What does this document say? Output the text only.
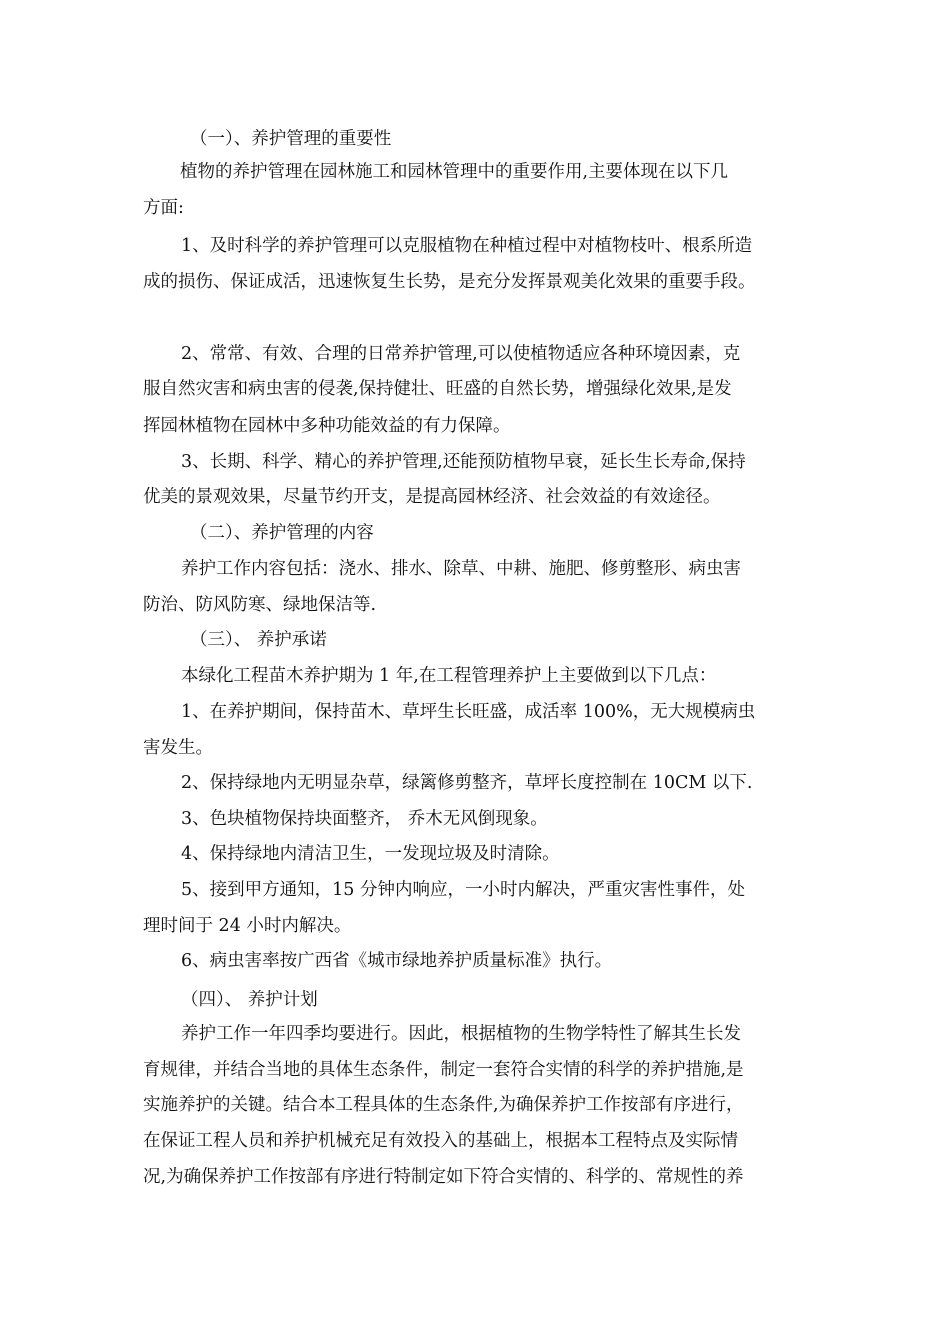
（一）、养护管理的重要性
植物的养护管理在园林施工和园林管理中的重要作用,主要体现在以下几
方面:
1、及时科学的养护管理可以克服植物在种植过程中对植物枝叶、根系所造
成的损伤、保证成活，迅速恢复生长势，是充分发挥景观美化效果的重要手段。
2、常常、有效、合理的日常养护管理,可以使植物适应各种环境因素，克
服自然灾害和病虫害的侵袭,保持健壮、旺盛的自然长势，增强绿化效果,是发
挥园林植物在园林中多种功能效益的有力保障。
3、长期、科学、精心的养护管理,还能预防植物早衰，延长生长寿命,保持
优美的景观效果，尽量节约开支，是提高园林经济、社会效益的有效途径。
（二）、养护管理的内容
养护工作内容包括：浇水、排水、除草、中耕、施肥、修剪整形、病虫害
防治、防风防寒、绿地保洁等.
（三）、 养护承诺
本绿化工程苗木养护期为 1 年,在工程管理养护上主要做到以下几点：
1、在养护期间，保持苗木、草坪生长旺盛，成活率 100%，无大规模病虫
害发生。
2、保持绿地内无明显杂草，绿篱修剪整齐，草坪长度控制在 10CM 以下.
3、色块植物保持块面整齐， 乔木无风倒现象。
4、保持绿地内清洁卫生，一发现垃圾及时清除。
5、接到甲方通知，15 分钟内响应，一小时内解决，严重灾害性事件，处
理时间于 24 小时内解决。
6、病虫害率按广西省《城市绿地养护质量标准》执行。
（四）、 养护计划
养护工作一年四季均要进行。因此，根据植物的生物学特性了解其生长发
育规律，并结合当地的具体生态条件，制定一套符合实情的科学的养护措施,是
实施养护的关键。结合本工程具体的生态条件,为确保养护工作按部有序进行，
在保证工程人员和养护机械充足有效投入的基础上，根据本工程特点及实际情
况,为确保养护工作按部有序进行特制定如下符合实情的、科学的、常规性的养
